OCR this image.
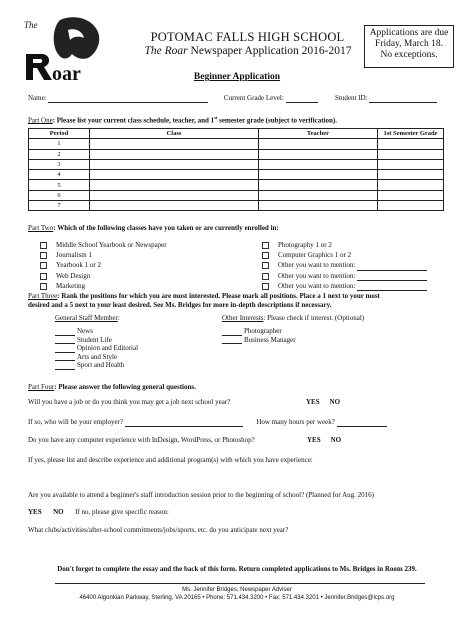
The
oar
POTOMAC FALLS HIGH SCHOOL
The Roar Newspaper Application 2016-2017
Applications are due
Friday, March 18.
No exceptions.
Beginner Application
Name:	Current Grade Level:	Student ID:
Part One: Please list your current class schedule, teacher, and 1st semester grade (subject to verification).
Period	Class	Teacher	1st Semester Grade
1			
2			
3			
4			
5			
6			
7			
Part Two: Which of the following classes have you taken or are currently enrolled in:
Middle School Yearbook or Newspaper
Journalism 1
Yearbook 1 or 2
Web Design
Marketing
Photography 1 or 2
Computer Graphics 1 or 2
Other you want to mention:
Other you want to mention:
Other you want to mention:
Part Three: Rank the positions for which you are most interested. Please mark all positions. Place a 1 next to your most
desired and a 5 next to your least desired. See Ms. Bridges for more in-depth descriptions if necessary.
General Staff Member:
News
Student Life
Opinion and Editorial
Arts and Style
Sport and Health
Other Interests: Please check if interest. (Optional)
Photographer
Business Manager
Part Four: Please answer the following general questions.
Will you have a job or do you think you may get a job next school year?	YES NO
If so, who will be your employer?	How many hours per week?
Do you have any computer experience with InDesign, WordPress, or Photoshop?	YES NO
If yes, please list and describe experience and additional program(s) with which you have experience:
Are you available to attend a beginner's staff introduction session prior to the beginning of school? (Planned for Aug. 2016)
YES NO If no, please give specific reason:
What clubs/activities/after-school commitments/jobs/sports, etc. do you anticipate next year?
Don't forget to complete the essay and the back of this form. Return completed applications to Ms. Bridges in Room 239.
Ms. Jennifer Bridges, Newspaper Adviser
46400 Algonkian Parkway, Sterling, VA 20165 • Phone: 571.434.3200 • Fax: 571.434.3201 • Jennifer.Bridges@lcps.org
